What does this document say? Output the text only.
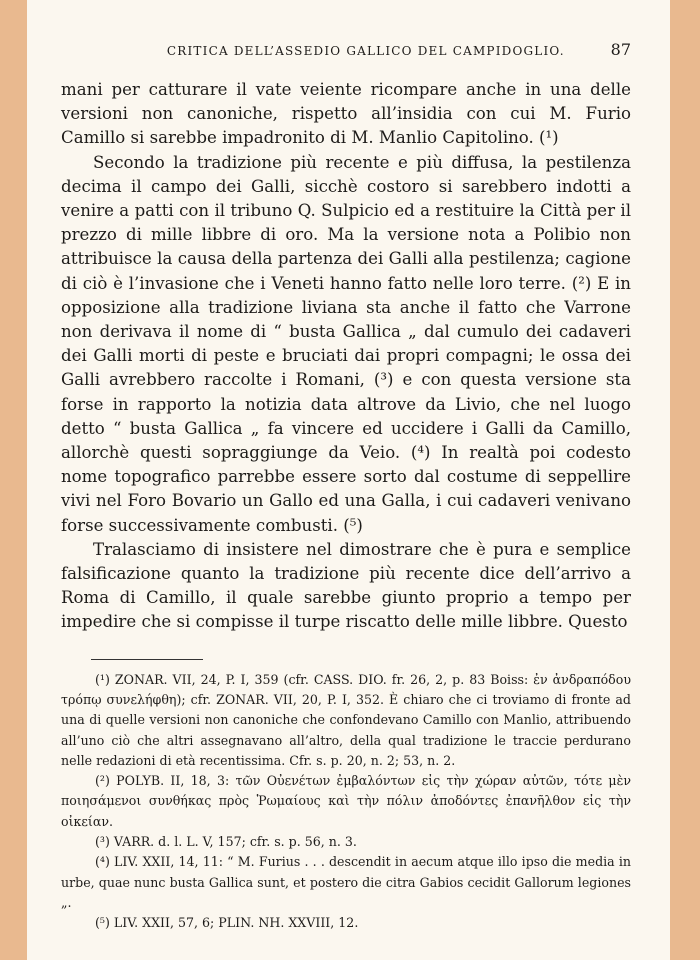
CRITICA DELL’ASSEDIO GALLICO DEL CAMPIDOGLIO.	87

mani per catturare il vate veiente ricompare anche in una delle versioni non canoniche, rispetto all’insidia con cui M. Furio Camillo si sarebbe impadronito di M. Manlio Capitolino. (¹)

Secondo la tradizione più recente e più diffusa, la pestilenza decima il campo dei Galli, sicchè costoro si sarebbero indotti a venire a patti con il tribuno Q. Sulpicio ed a restituire la Città per il prezzo di mille libbre di oro. Ma la versione nota a Polibio non attribuisce la causa della partenza dei Galli alla pestilenza; cagione di ciò è l’invasione che i Veneti hanno fatto nelle loro terre. (²) E in opposizione alla tradizione liviana sta anche il fatto che Varrone non derivava il nome di “ busta Gallica „ dal cumulo dei cadaveri dei Galli morti di peste e bruciati dai propri compagni; le ossa dei Galli avrebbero raccolte i Romani, (³) e con questa versione sta forse in rapporto la notizia data altrove da Livio, che nel luogo detto “ busta Gallica „ fa vincere ed uccidere i Galli da Camillo, allorchè questi sopraggiunge da Veio. (⁴) In realtà poi codesto nome topografico parrebbe essere sorto dal costume di seppellire vivi nel Foro Bovario un Gallo ed una Galla, i cui cadaveri venivano forse successivamente combusti. (⁵)

Tralasciamo di insistere nel dimostrare che è pura e semplice falsificazione quanto la tradizione più recente dice dell’arrivo a Roma di Camillo, il quale sarebbe giunto proprio a tempo per impedire che si compisse il turpe riscatto delle mille libbre. Questo

(¹) ZONAR. VII, 24, P. I, 359 (cfr. CASS. DIO. fr. 26, 2, p. 83 Boiss: ἐν ἀνδραπόδου τρόπῳ συνελήφθη); cfr. ZONAR. VII, 20, P. I, 352. È chiaro che ci troviamo di fronte ad una di quelle versioni non canoniche che confondevano Camillo con Manlio, attribuendo all’uno ciò che altri assegnavano all’altro, della qual tradizione le traccie perdurano nelle redazioni di età recentissima. Cfr. s. p. 20, n. 2; 53, n. 2.

(²) POLYB. II, 18, 3: τῶν Οὐενέτων ἐμβαλόντων εἰς τὴν χώραν αὐτῶν, τότε μὲν ποιησάμενοι συνθήκας πρὸς Ῥωμαίους καὶ τὴν πόλιν ἀποδόντες ἐπανῆλθον εἰς τὴν οἰκείαν.

(³) VARR. d. l. L. V, 157; cfr. s. p. 56, n. 3.

(⁴) LIV. XXII, 14, 11: “ M. Furius . . . descendit in aecum atque illo ipso die media in urbe, quae nunc busta Gallica sunt, et postero die citra Gabios cecidit Gallorum legiones „.

(⁵) LIV. XXII, 57, 6; PLIN. NH. XXVIII, 12.
